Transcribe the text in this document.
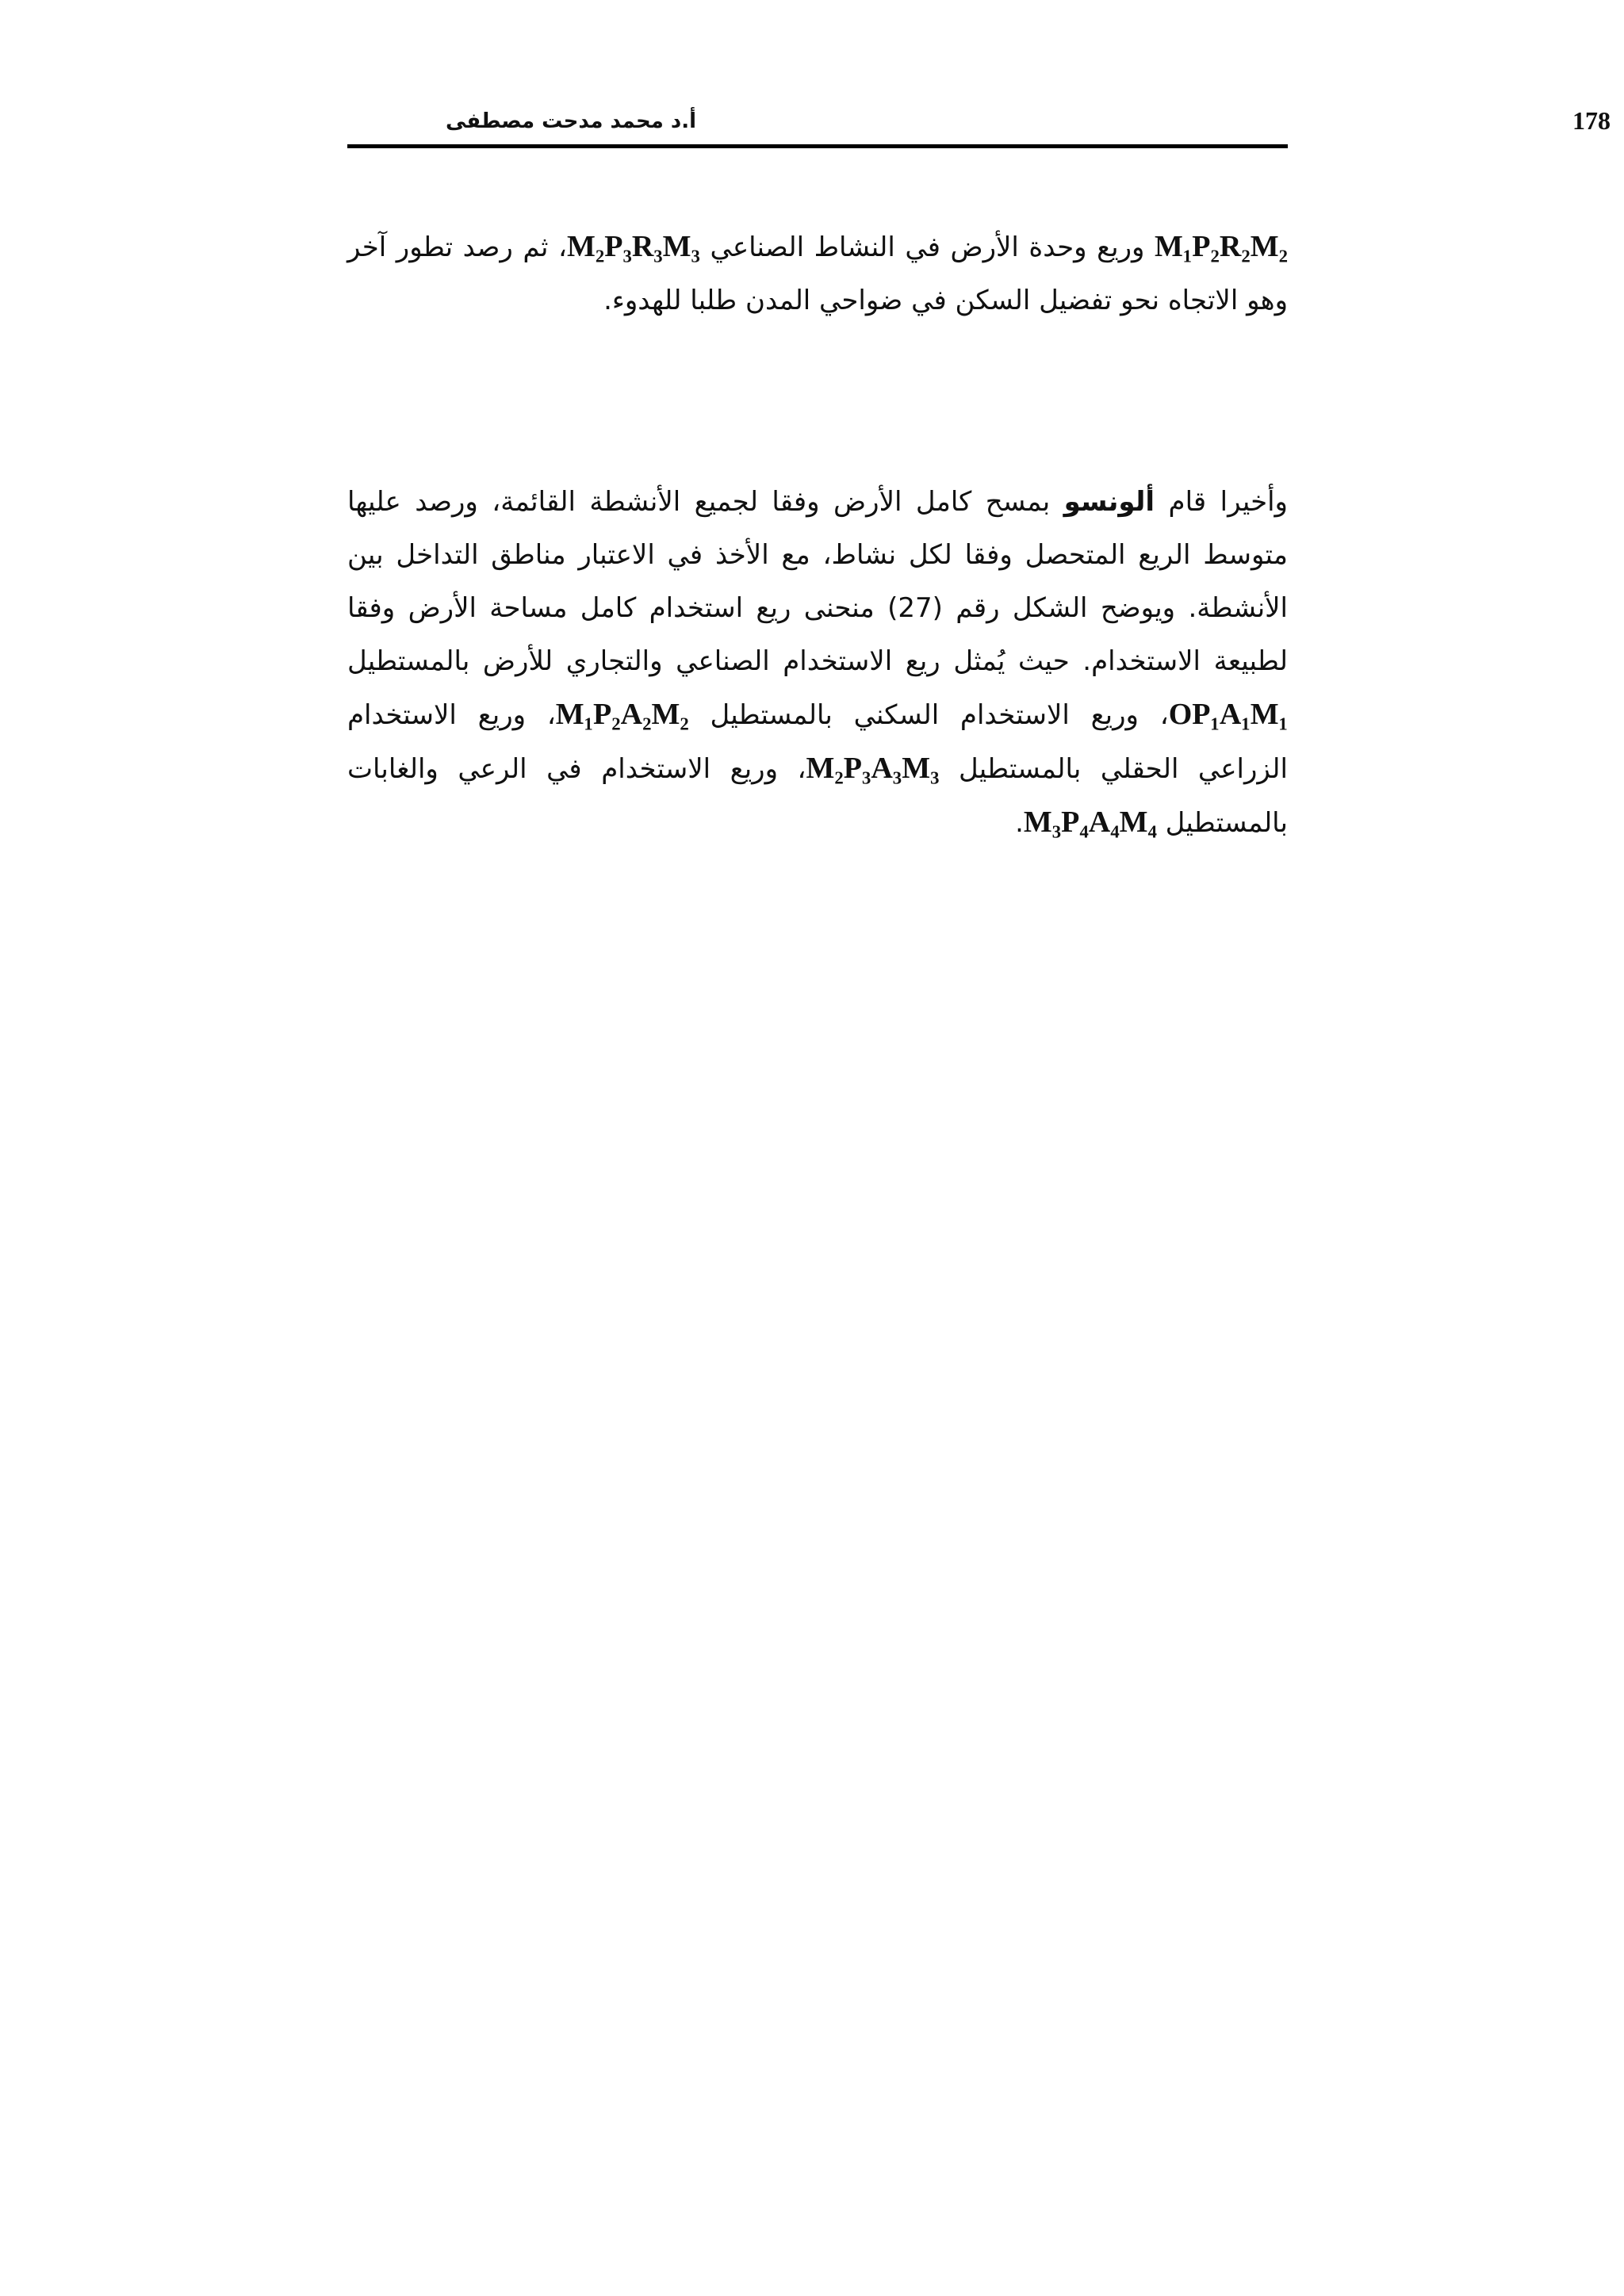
178
أ.د محمد مدحت مصطفى

M₁P₂R₂M₂ وريع وحدة الأرض في النشاط الصناعي M₂P₃R₃M₃، ثم رصد تطور آخر وهو الاتجاه نحو تفضيل السكن في ضواحي المدن طلبا للهدوء.

وأخيرا قام ألونسو بمسح كامل الأرض وفقا لجميع الأنشطة القائمة، ورصد عليها متوسط الريع المتحصل وفقا لكل نشاط، مع الأخذ في الاعتبار مناطق التداخل بين الأنشطة. ويوضح الشكل رقم (27) منحنى ريع استخدام كامل مساحة الأرض وفقا لطبيعة الاستخدام. حيث يُمثل ريع الاستخدام الصناعي والتجاري للأرض بالمستطيل OP₁A₁M₁، وريع الاستخدام السكني بالمستطيل M₁P₂A₂M₂، وريع الاستخدام الزراعي الحقلي بالمستطيل M₂P₃A₃M₃، وريع الاستخدام في الرعي والغابات بالمستطيل M₃P₄A₄M₄.
